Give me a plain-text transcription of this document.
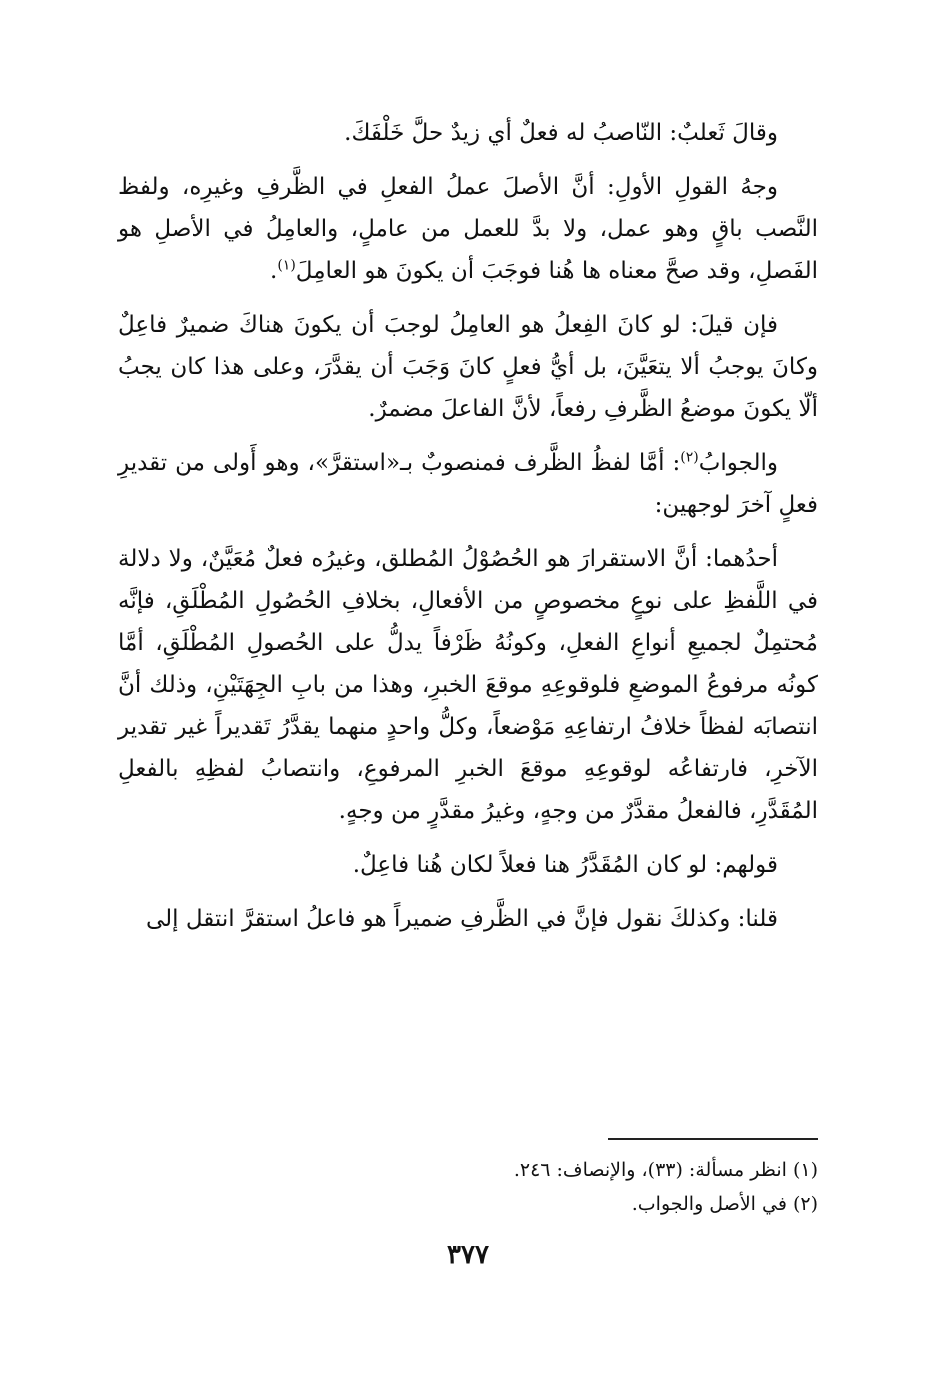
وقالَ ثَعلبٌ: النّاصبُ له فعلٌ أي زيدٌ حلَّ خَلْفَكَ.

وجهُ القولِ الأولِ: أنَّ الأصلَ عملُ الفعلِ في الظَّرفِ وغيرِه، ولفظ النَّصب باقٍ وهو عمل، ولا بدَّ للعمل من عاملٍ، والعامِلُ في الأصلِ هو الفَصلِ، وقد صحَّ معناه ها هُنا فوجَبَ أن يكونَ هو العامِلَ$^{(١)}$.

فإن قيلَ: لو كانَ الفِعلُ هو العامِلُ لوجبَ أن يكونَ هناكَ ضميرٌ فاعِلٌ وكانَ يوجبُ ألا يتعَيَّنَ، بل أيُّ فعلٍ كانَ وَجَبَ أن يقدَّرَ، وعلى هذا كان يجبُ ألّا يكونَ موضعُ الظَّرفِ رفعاً، لأنَّ الفاعلَ مضمرٌ.

والجوابُ$^{(٢)}$: أمَّا لفظُ الظَّرف فمنصوبٌ بـ«استقرَّ»، وهو أَولى من تقديرِ فعلٍ آخرَ لوجهين:

أحدُهما: أنَّ الاستقرارَ هو الحُصُوْلُ المُطلق، وغيرُه فعلٌ مُعَيَّنٌ، ولا دلالة في اللَّفظِ على نوعٍ مخصوصٍ من الأفعالِ، بخلافِ الحُصُولِ المُطْلَقِ، فإنَّه مُحتمِلٌ لجميعِ أنواعِ الفعلِ، وكونُهُ ظَرْفاً يدلُّ على الحُصولِ المُطْلَقِ، أمَّا كونُه مرفوعُ الموضعِ فلوقوعِهِ موقعَ الخبرِ، وهذا من بابِ الجِهَتَيْنِ، وذلك أنَّ انتصابَه لفظاً خلافُ ارتفاعِهِ مَوْضعاً، وكلُّ واحدٍ منهما يقدَّرُ تَقديراً غير تقدير الآخرِ، فارتفاعُه لوقوعِهِ موقعَ الخبرِ المرفوعِ، وانتصابُ لفظِهِ بالفعلِ المُقَدَّرِ، فالفعلُ مقدَّرٌ من وجهٍ، وغيرُ مقدَّرٍ من وجهٍ.

قولهم: لو كان المُقَدَّرُ هنا فعلاً لكان هُنا فاعِلٌ.

قلنا: وكذلكَ نقول فإنَّ في الظَّرفِ ضميراً هو فاعلُ استقرَّ انتقل إلى

(١) انظر مسألة: (٣٣)، والإنصاف: ٢٤٦.
(٢) في الأصل والجواب.
٣٧٧
